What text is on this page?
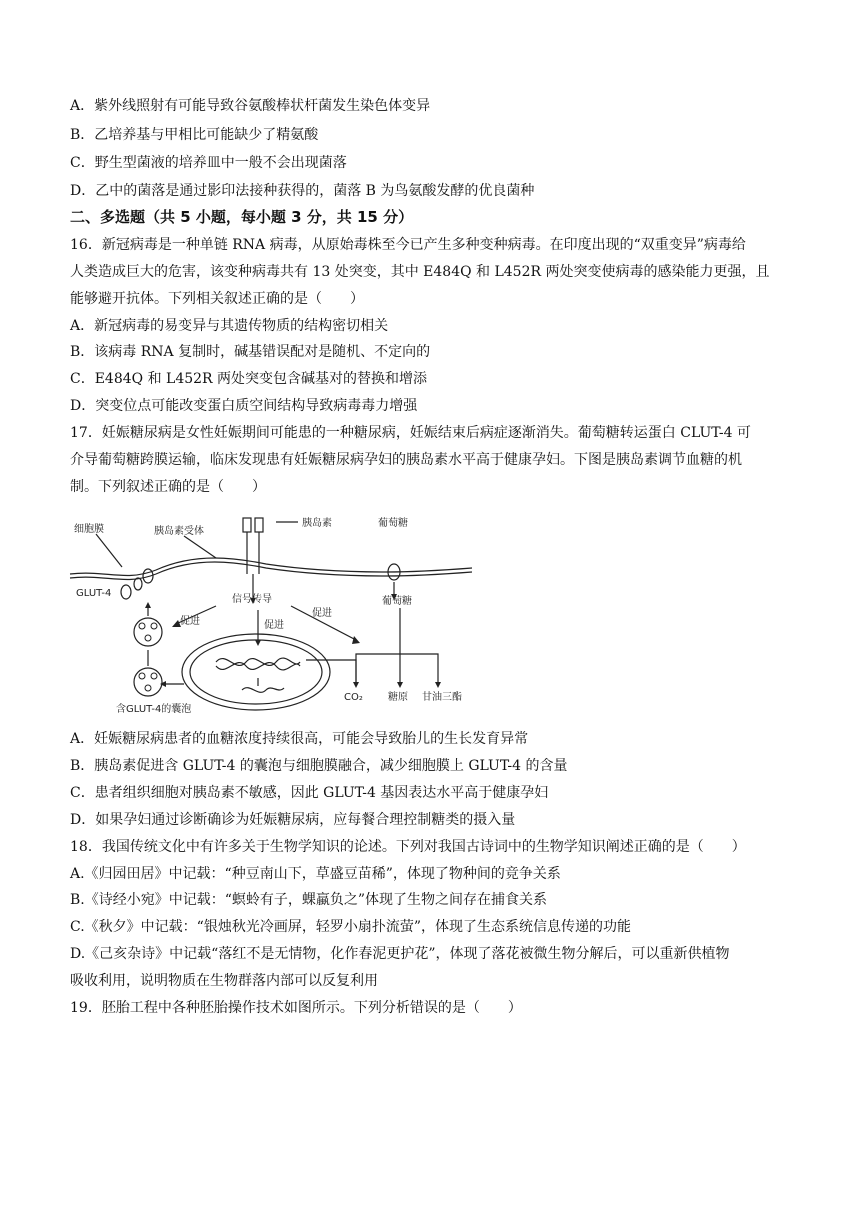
A．紫外线照射有可能导致谷氨酸棒状杆菌发生染色体变异
B．乙培养基与甲相比可能缺少了精氨酸
C．野生型菌液的培养皿中一般不会出现菌落
D．乙中的菌落是通过影印法接种获得的，菌落 B 为鸟氨酸发酵的优良菌种
二、多选题（共 5 小题，每小题 3 分，共 15 分）
16．新冠病毒是一种单链 RNA 病毒，从原始毒株至今已产生多种变种病毒。在印度出现的“双重变异”病毒给
人类造成巨大的危害，该变种病毒共有 13 处突变，其中 E484Q 和 L452R 两处突变使病毒的感染能力更强，且
能够避开抗体。下列相关叙述正确的是（　　）
A．新冠病毒的易变异与其遗传物质的结构密切相关
B．该病毒 RNA 复制时，碱基错误配对是随机、不定向的
C．E484Q 和 L452R 两处突变包含碱基对的替换和增添
D．突变位点可能改变蛋白质空间结构导致病毒毒力增强
17．妊娠糖尿病是女性妊娠期间可能患的一种糖尿病，妊娠结束后病症逐渐消失。葡萄糖转运蛋白 CLUT-4 可
介导葡萄糖跨膜运输，临床发现患有妊娠糖尿病孕妇的胰岛素水平高于健康孕妇。下图是胰岛素调节血糖的机
制。下列叙述正确的是（　　）
细胞膜	胰岛素受体
胰岛素	葡萄糖
GLUT-4
信号传导	葡萄糖
促进	促进
促进
CO₂	糖原 甘油三酯
含GLUT-4的囊泡
A．妊娠糖尿病患者的血糖浓度持续很高，可能会导致胎儿的生长发育异常
B．胰岛素促进含 GLUT-4 的囊泡与细胞膜融合，减少细胞膜上 GLUT-4 的含量
C．患者组织细胞对胰岛素不敏感，因此 GLUT-4 基因表达水平高于健康孕妇
D．如果孕妇通过诊断确诊为妊娠糖尿病，应每餐合理控制糖类的摄入量
18．我国传统文化中有许多关于生物学知识的论述。下列对我国古诗词中的生物学知识阐述正确的是（　　）
A.《归园田居》中记载：“种豆南山下，草盛豆苗稀”，体现了物种间的竞争关系
B.《诗经小宛》中记载：“螟蛉有子，蜾蠃负之”体现了生物之间存在捕食关系
C.《秋夕》中记载：“银烛秋光冷画屏，轻罗小扇扑流萤”，体现了生态系统信息传递的功能
D.《己亥杂诗》中记载“落红不是无情物，化作春泥更护花”，体现了落花被微生物分解后，可以重新供植物
吸收利用，说明物质在生物群落内部可以反复利用
19．胚胎工程中各种胚胎操作技术如图所示。下列分析错误的是（　　）
